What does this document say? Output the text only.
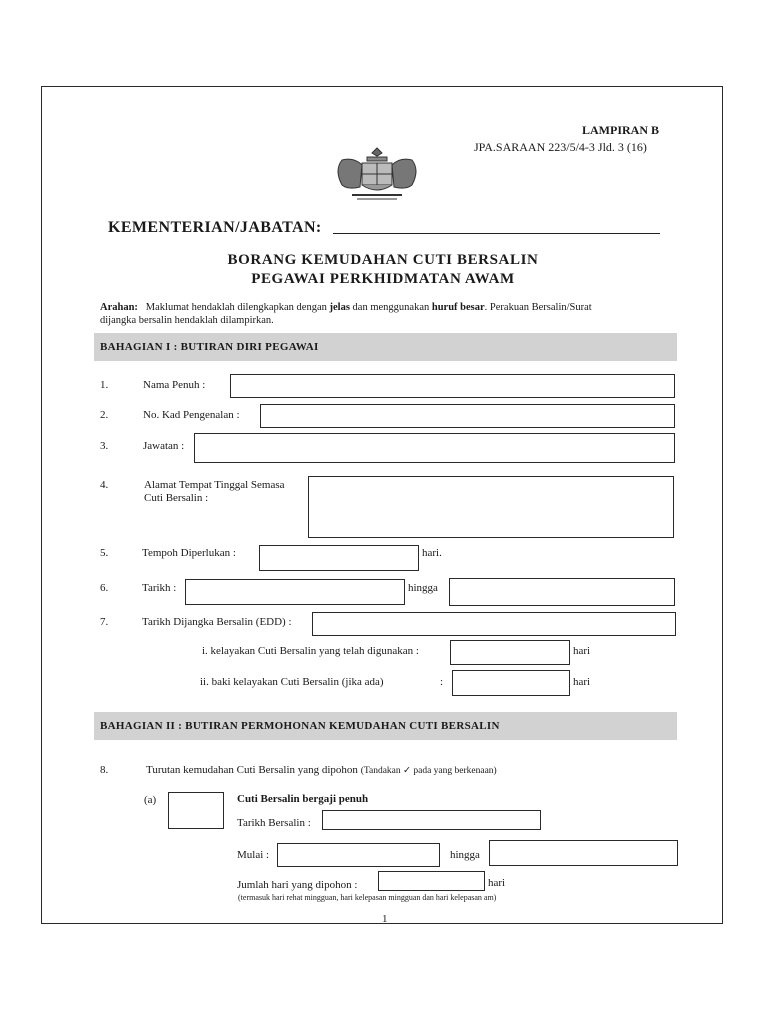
LAMPIRAN B
JPA.SARAAN 223/5/4-3 Jld. 3 (16)
KEMENTERIAN/JABATAN:
BORANG KEMUDAHAN CUTI BERSALIN
PEGAWAI PERKHIDMATAN AWAM
Arahan: Maklumat hendaklah dilengkapkan dengan jelas dan menggunakan huruf besar. Perakuan Bersalin/Surat
dijangka bersalin hendaklah dilampirkan.
BAHAGIAN I : BUTIRAN DIRI PEGAWAI
1.	Nama Penuh :
2.	No. Kad Pengenalan :
3.	Jawatan :
4.	Alamat Tempat Tinggal Semasa
Cuti Bersalin :
5.	Tempoh Diperlukan :	hari.
6.	Tarikh :	hingga
7.	Tarikh Dijangka Bersalin (EDD) :
i. kelayakan Cuti Bersalin yang telah digunakan :	hari
ii. baki kelayakan Cuti Bersalin (jika ada)	:	hari
BAHAGIAN II : BUTIRAN PERMOHONAN KEMUDAHAN CUTI BERSALIN
8.	Turutan kemudahan Cuti Bersalin yang dipohon (Tandakan ✓ pada yang berkenaan)
(a)	Cuti Bersalin bergaji penuh
Tarikh Bersalin :
Mulai :	hingga
Jumlah hari yang dipohon :	hari
(termasuk hari rehat mingguan, hari kelepasan mingguan dan hari kelepasan am)
1
